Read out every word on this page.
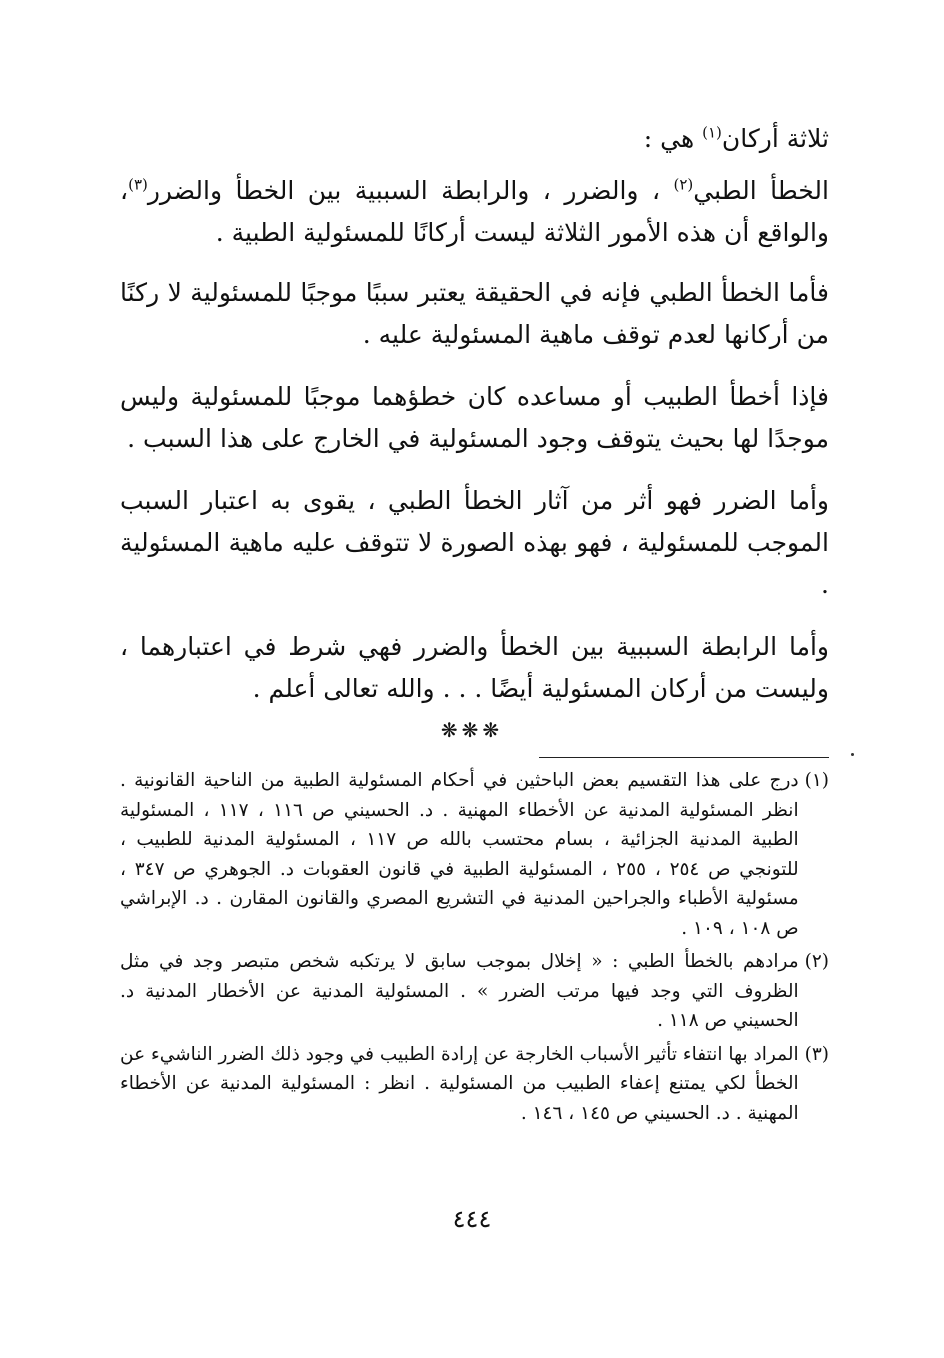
ثلاثة أركان$^{(١)}$ هي :

الخطأ الطبي$^{(٢)}$ ، والضرر ، والرابطة السببية بين الخطأ والضرر$^{(٣)}$، والواقع أن هذه الأمور الثلاثة ليست أركانًا للمسئولية الطبية .

فأما الخطأ الطبي فإنه في الحقيقة يعتبر سببًا موجبًا للمسئولية لا ركنًا من أركانها لعدم توقف ماهية المسئولية عليه .

فإذا أخطأ الطبيب أو مساعده كان خطؤهما موجبًا للمسئولية وليس موجدًا لها بحيث يتوقف وجود المسئولية في الخارج على هذا السبب .

وأما الضرر فهو أثر من آثار الخطأ الطبي ، يقوى به اعتبار السبب الموجب للمسئولية ، فهو بهذه الصورة لا تتوقف عليه ماهية المسئولية .

وأما الرابطة السببية بين الخطأ والضرر فهي شرط في اعتبارهما ، وليست من أركان المسئولية أيضًا . . . والله تعالى أعلم .

❋❋❋
(١)
درج على هذا التقسيم بعض الباحثين في أحكام المسئولية الطبية من الناحية القانونية . انظر المسئولية المدنية عن الأخطاء المهنية . د. الحسيني ص ١١٦ ، ١١٧ ، المسئولية الطبية المدنية الجزائية ، بسام محتسب بالله ص ١١٧ ، المسئولية المدنية للطبيب ، للتونجي ص ٢٥٤ ، ٢٥٥ ، المسئولية الطبية في قانون العقوبات د. الجوهري ص ٣٤٧ ، مسئولية الأطباء والجراحين المدنية في التشريع المصري والقانون المقارن . د. الإبراشي ص ١٠٨ ، ١٠٩ .
(٢)
مرادهم بالخطأ الطبي : « إخلال بموجب سابق لا يرتكبه شخص متبصر وجد في مثل الظروف التي وجد فيها مرتب الضرر » . المسئولية المدنية عن الأخطار المدنية د. الحسيني ص ١١٨ .
(٣)
المراد بها انتفاء تأثير الأسباب الخارجة عن إرادة الطبيب في وجود ذلك الضرر الناشيء عن الخطأ لكي يمتنع إعفاء الطبيب من المسئولية . انظر : المسئولية المدنية عن الأخطاء المهنية . د. الحسيني ص ١٤٥ ، ١٤٦ .
٤٤٤
